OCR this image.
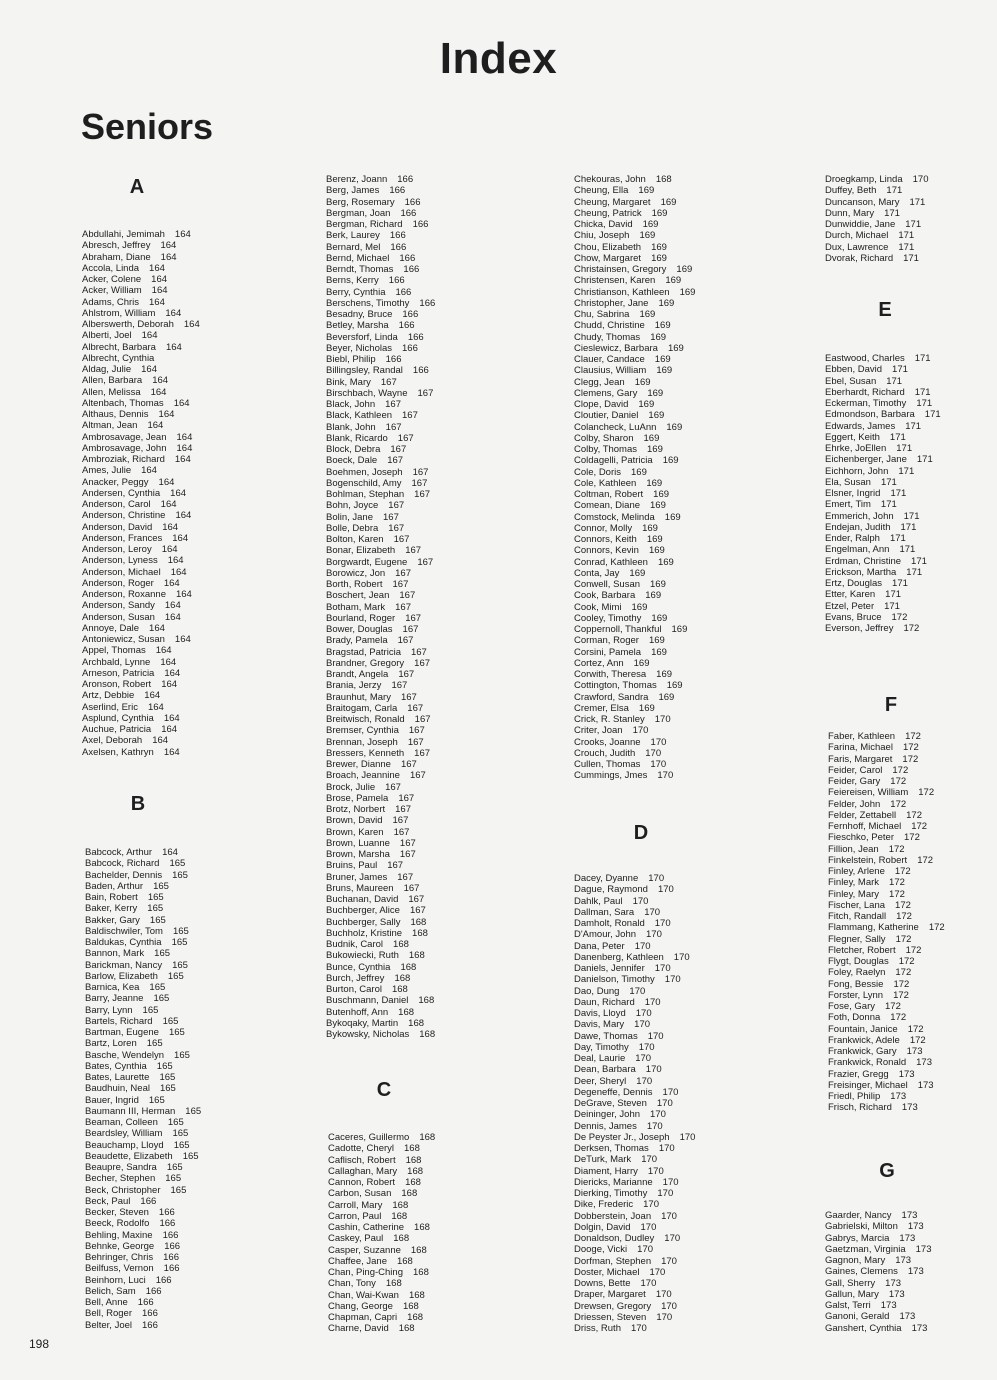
Index
Seniors
A
Abdullahi, Jemimah 164
Abresch, Jeffrey 164
Abraham, Diane 164
Accola, Linda 164
Acker, Colene 164
Acker, William 164
Adams, Chris 164
Ahlstrom, William 164
Alberswerth, Deborah 164
Alberti, Joel 164
Albrecht, Barbara 164
Albrecht, Cynthia
Aldag, Julie 164
Allen, Barbara 164
Allen, Melissa 164
Altenbach, Thomas 164
Althaus, Dennis 164
Altman, Jean 164
Ambrosavage, Jean 164
Ambrosavage, John 164
Ambroziak, Richard 164
Ames, Julie 164
Anacker, Peggy 164
Andersen, Cynthia 164
Anderson, Carol 164
Anderson, Christine 164
Anderson, David 164
Anderson, Frances 164
Anderson, Leroy 164
Anderson, Lyness 164
Anderson, Michael 164
Anderson, Roger 164
Anderson, Roxanne 164
Anderson, Sandy 164
Anderson, Susan 164
Annoye, Dale 164
Antoniewicz, Susan 164
Appel, Thomas 164
Archbald, Lynne 164
Arneson, Patricia 164
Aronson, Robert 164
Artz, Debbie 164
Aserlind, Eric 164
Asplund, Cynthia 164
Auchue, Patricia 164
Axel, Deborah 164
Axelsen, Kathryn 164
B
Babcock, Arthur 164
Babcock, Richard 165
Bachelder, Dennis 165
Baden, Arthur 165
Bain, Robert 165
Baker, Kerry 165
Bakker, Gary 165
Baldischwiler, Tom 165
Baldukas, Cynthia 165
Bannon, Mark 165
Barickman, Nancy 165
Barlow, Elizabeth 165
Barnica, Kea 165
Barry, Jeanne 165
Barry, Lynn 165
Bartels, Richard 165
Bartman, Eugene 165
Bartz, Loren 165
Basche, Wendelyn 165
Bates, Cynthia 165
Bates, Laurette 165
Baudhuin, Neal 165
Bauer, Ingrid 165
Baumann III, Herman 165
Beaman, Colleen 165
Beardsley, William 165
Beauchamp, Lloyd 165
Beaudette, Elizabeth 165
Beaupre, Sandra 165
Becher, Stephen 165
Beck, Christopher 165
Beck, Paul 166
Becker, Steven 166
Beeck, Rodolfo 166
Behling, Maxine 166
Behnke, George 166
Behringer, Chris 166
Beilfuss, Vernon 166
Beinhorn, Luci 166
Belich, Sam 166
Bell, Anne 166
Bell, Roger 166
Belter, Joel 166
Berenz, Joann 166
Berg, James 166
Berg, Rosemary 166
Bergman, Joan 166
Bergman, Richard 166
Berk, Laurey 166
Bernard, Mel 166
Bernd, Michael 166
Berndt, Thomas 166
Berns, Kerry 166
Berry, Cynthia 166
Berschens, Timothy 166
Besadny, Bruce 166
Betley, Marsha 166
Beversforf, Linda 166
Beyer, Nicholas 166
Biebl, Philip 166
Billingsley, Randal 166
Bink, Mary 167
Birschbach, Wayne 167
Black, John 167
Black, Kathleen 167
Blank, John 167
Blank, Ricardo 167
Block, Debra 167
Boeck, Dale 167
Boehmen, Joseph 167
Bogenschild, Amy 167
Bohlman, Stephan 167
Bohn, Joyce 167
Bolin, Jane 167
Bolle, Debra 167
Bolton, Karen 167
Bonar, Elizabeth 167
Borgwardt, Eugene 167
Borowicz, Jon 167
Borth, Robert 167
Boschert, Jean 167
Botham, Mark 167
Bourland, Roger 167
Bower, Douglas 167
Brady, Pamela 167
Bragstad, Patricia 167
Brandner, Gregory 167
Brandt, Angela 167
Brania, Jerzy 167
Braunhut, Mary 167
Braitogam, Carla 167
Breitwisch, Ronald 167
Bremser, Cynthia 167
Brennan, Joseph 167
Bressers, Kenneth 167
Brewer, Dianne 167
Broach, Jeannine 167
Brock, Julie 167
Brose, Pamela 167
Brotz, Norbert 167
Brown, David 167
Brown, Karen 167
Brown, Luanne 167
Brown, Marsha 167
Bruins, Paul 167
Bruner, James 167
Bruns, Maureen 167
Buchanan, David 167
Buchberger, Alice 167
Buchberger, Sally 168
Buchholz, Kristine 168
Budnik, Carol 168
Bukowiecki, Ruth 168
Bunce, Cynthia 168
Burch, Jeffrey 168
Burton, Carol 168
Buschmann, Daniel 168
Butenhoff, Ann 168
Bykoqaky, Martin 168
Bykowsky, Nicholas 168
C
Caceres, Guillermo 168
Cadotte, Cheryl 168
Caflisch, Robert 168
Callaghan, Mary 168
Cannon, Robert 168
Carbon, Susan 168
Carroll, Mary 168
Carron, Paul 168
Cashin, Catherine 168
Caskey, Paul 168
Casper, Suzanne 168
Chaffee, Jane 168
Chan, Ping-Ching 168
Chan, Tony 168
Chan, Wai-Kwan 168
Chang, George 168
Chapman, Capri 168
Charne, David 168
Chekouras, John 168
Cheung, Ella 169
Cheung, Margaret 169
Cheung, Patrick 169
Chicka, David 169
Chiu, Joseph 169
Chou, Elizabeth 169
Chow, Margaret 169
Christainsen, Gregory 169
Christensen, Karen 169
Christianson, Kathleen 169
Christopher, Jane 169
Chu, Sabrina 169
Chudd, Christine 169
Chudy, Thomas 169
Cieslewicz, Barbara 169
Clauer, Candace 169
Clausius, William 169
Clegg, Jean 169
Clemens, Gary 169
Clope, David 169
Cloutier, Daniel 169
Colancheck, LuAnn 169
Colby, Sharon 169
Colby, Thomas 169
Coldagelli, Patricia 169
Cole, Doris 169
Cole, Kathleen 169
Coltman, Robert 169
Comean, Diane 169
Comstock, Melinda 169
Connor, Molly 169
Connors, Keith 169
Connors, Kevin 169
Conrad, Kathleen 169
Conta, Jay 169
Conwell, Susan 169
Cook, Barbara 169
Cook, Mimi 169
Cooley, Timothy 169
Coppernoll, Thankful 169
Corman, Roger 169
Corsini, Pamela 169
Cortez, Ann 169
Corwith, Theresa 169
Cottington, Thomas 169
Crawford, Sandra 169
Cremer, Elsa 169
Crick, R. Stanley 170
Criter, Joan 170
Crooks, Joanne 170
Crouch, Judith 170
Cullen, Thomas 170
Cummings, Jmes 170
D
Dacey, Dyanne 170
Dague, Raymond 170
Dahlk, Paul 170
Dallman, Sara 170
Damholt, Ronald 170
D'Amour, John 170
Dana, Peter 170
Danenberg, Kathleen 170
Daniels, Jennifer 170
Danielson, Timothy 170
Dao, Dung 170
Daun, Richard 170
Davis, Lloyd 170
Davis, Mary 170
Dawe, Thomas 170
Day, Timothy 170
Deal, Laurie 170
Dean, Barbara 170
Deer, Sheryl 170
Degeneffe, Dennis 170
DeGrave, Steven 170
Deininger, John 170
Dennis, James 170
De Peyster Jr., Joseph 170
Derksen, Thomas 170
DeTurk, Mark 170
Diament, Harry 170
Diericks, Marianne 170
Dierking, Timothy 170
Dike, Frederic 170
Dobberstein, Joan 170
Dolgin, David 170
Donaldson, Dudley 170
Dooge, Vicki 170
Dorfman, Stephen 170
Doster, Michael 170
Downs, Bette 170
Draper, Margaret 170
Drewsen, Gregory 170
Driessen, Steven 170
Driss, Ruth 170
Droegkamp, Linda 170
Duffey, Beth 171
Duncanson, Mary 171
Dunn, Mary 171
Dunwiddie, Jane 171
Durch, Michael 171
Dux, Lawrence 171
Dvorak, Richard 171
E
Eastwood, Charles 171
Ebben, David 171
Ebel, Susan 171
Eberhardt, Richard 171
Eckerman, Timothy 171
Edmondson, Barbara 171
Edwards, James 171
Eggert, Keith 171
Ehrke, JoEllen 171
Eichenberger, Jane 171
Eichhorn, John 171
Ela, Susan 171
Elsner, Ingrid 171
Emert, Tim 171
Emmerich, John 171
Endejan, Judith 171
Ender, Ralph 171
Engelman, Ann 171
Erdman, Christine 171
Erickson, Martha 171
Ertz, Douglas 171
Etter, Karen 171
Etzel, Peter 171
Evans, Bruce 172
Everson, Jeffrey 172
F
Faber, Kathleen 172
Farina, Michael 172
Faris, Margaret 172
Feider, Carol 172
Feider, Gary 172
Feiereisen, William 172
Felder, John 172
Felder, Zettabell 172
Fernhoff, Michael 172
Fieschko, Peter 172
Fillion, Jean 172
Finkelstein, Robert 172
Finley, Arlene 172
Finley, Mark 172
Finley, Mary 172
Fischer, Lana 172
Fitch, Randall 172
Flammang, Katherine 172
Flegner, Sally 172
Fletcher, Robert 172
Flygt, Douglas 172
Foley, Raelyn 172
Fong, Bessie 172
Forster, Lynn 172
Fose, Gary 172
Foth, Donna 172
Fountain, Janice 172
Frankwick, Adele 172
Frankwick, Gary 173
Frankwick, Ronald 173
Frazier, Gregg 173
Freisinger, Michael 173
Friedl, Philip 173
Frisch, Richard 173
G
Gaarder, Nancy 173
Gabrielski, Milton 173
Gabrys, Marcia 173
Gaetzman, Virginia 173
Gagnon, Mary 173
Gaines, Clemens 173
Gall, Sherry 173
Gallun, Mary 173
Galst, Terri 173
Ganoni, Gerald 173
Ganshert, Cynthia 173
198
